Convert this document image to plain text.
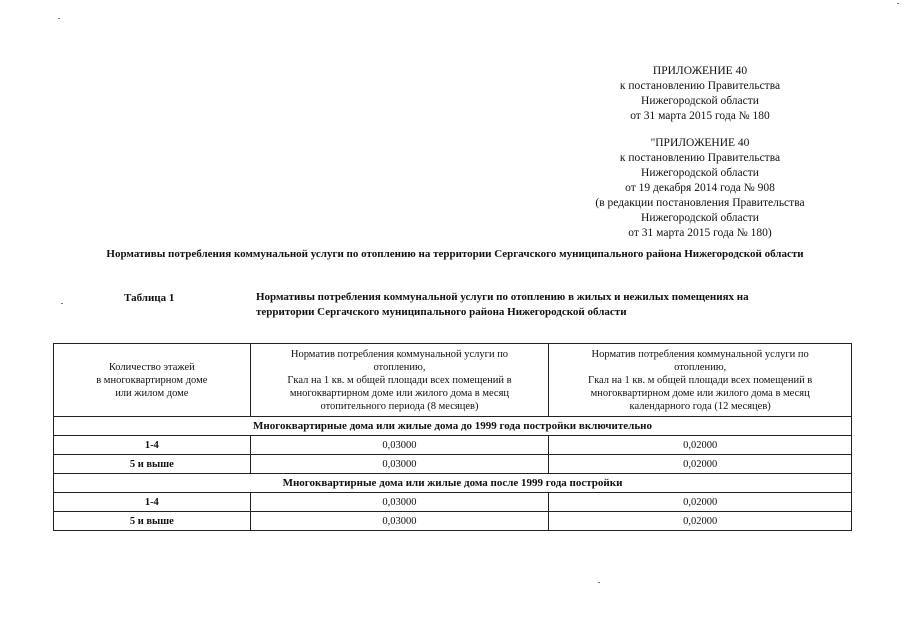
ПРИЛОЖЕНИЕ 40
к постановлению Правительства
Нижегородской области
от 31 марта 2015 года № 180
"ПРИЛОЖЕНИЕ 40
к постановлению Правительства
Нижегородской области
от 19 декабря 2014 года № 908
(в редакции постановления Правительства
Нижегородской области
от 31 марта 2015 года № 180)
Нормативы потребления коммунальной услуги по отоплению на территории Сергачского муниципального района Нижегородской области
Таблица 1	Нормативы потребления коммунальной услуги по отоплению в жилых и нежилых помещениях на
территории Сергачского муниципального района Нижегородской области
Количество этажей
в многоквартирном доме
или жилом доме	Норматив потребления коммунальной услуги по
отоплению,
Гкал на 1 кв. м общей площади всех помещений в
многоквартирном доме или жилого дома в месяц
отопительного периода (8 месяцев)	Норматив потребления коммунальной услуги по
отоплению,
Гкал на 1 кв. м общей площади всех помещений в
многоквартирном доме или жилого дома в месяц
календарного года (12 месяцев)

Многоквартирные дома или жилые дома до 1999 года постройки включительно		
1-4	0,03000	0,02000
5 и выше	0,03000	0,02000
Многоквартирные дома или жилые дома после 1999 года постройки		
1-4	0,03000	0,02000
5 и выше	0,03000	0,02000
